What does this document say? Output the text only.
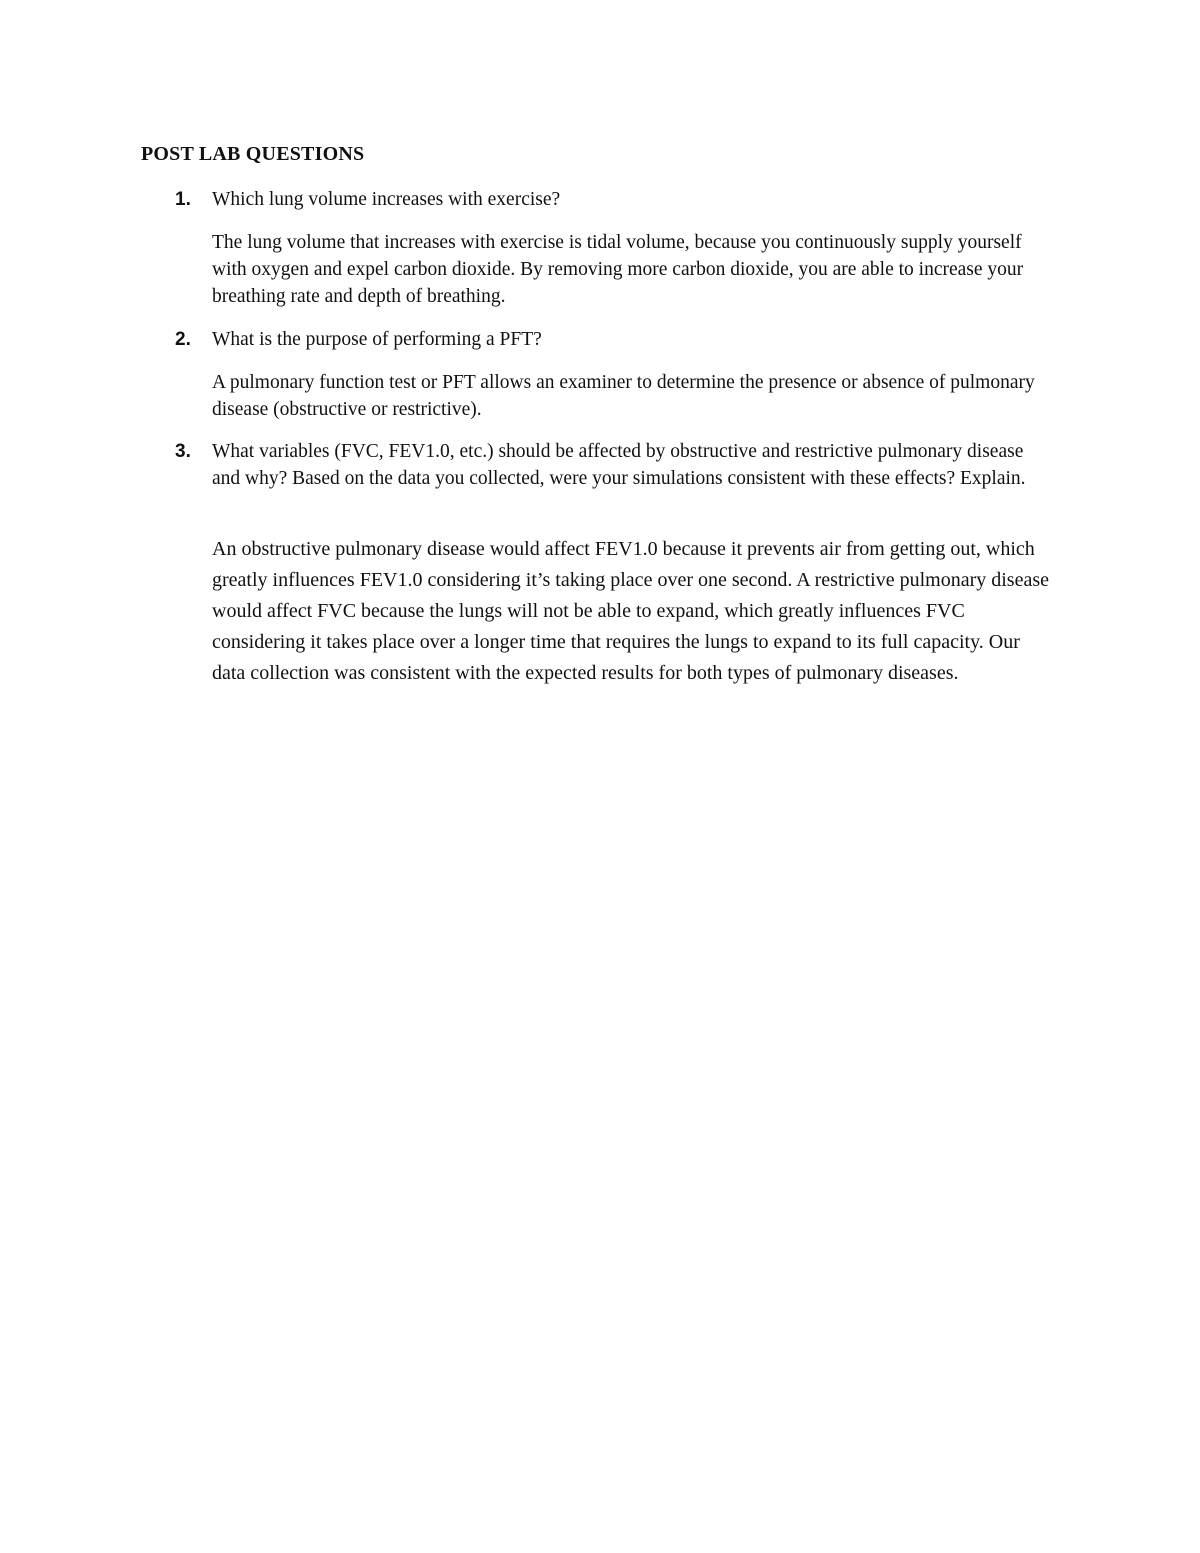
POST LAB QUESTIONS
1. Which lung volume increases with exercise?
The lung volume that increases with exercise is tidal volume, because you continuously supply yourself with oxygen and expel carbon dioxide. By removing more carbon dioxide, you are able to increase your breathing rate and depth of breathing.
2. What is the purpose of performing a PFT?
A pulmonary function test or PFT allows an examiner to determine the presence or absence of pulmonary disease (obstructive or restrictive).
3. What variables (FVC, FEV1.0, etc.) should be affected by obstructive and restrictive pulmonary disease and why? Based on the data you collected, were your simulations consistent with these effects? Explain.
An obstructive pulmonary disease would affect FEV1.0 because it prevents air from getting out, which greatly influences FEV1.0 considering it’s taking place over one second. A restrictive pulmonary disease would affect FVC because the lungs will not be able to expand, which greatly influences FVC considering it takes place over a longer time that requires the lungs to expand to its full capacity. Our data collection was consistent with the expected results for both types of pulmonary diseases.
